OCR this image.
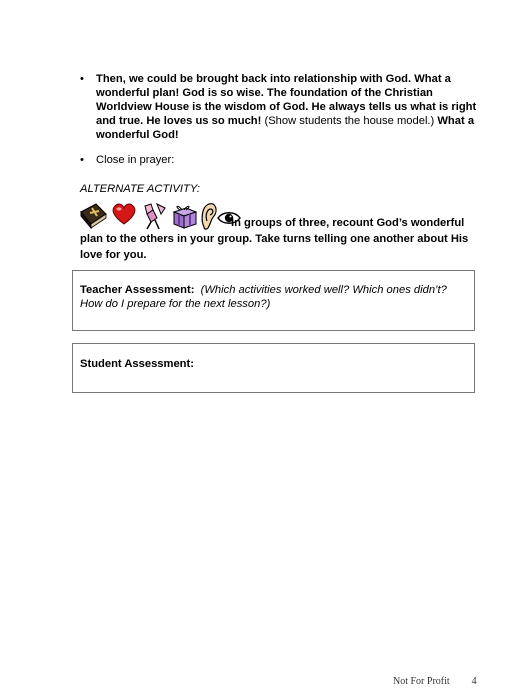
• Then, we could be brought back into relationship with God. What a wonderful plan! God is so wise. The foundation of the Christian Worldview House is the wisdom of God. He always tells us what is right and true. He loves us so much! (Show students the house model.) What a wonderful God!
• Close in prayer:
ALTERNATE ACTIVITY:
In groups of three, recount God’s wonderful plan to the others in your group. Take turns telling one another about His love for you.
Teacher Assessment: (Which activities worked well? Which ones didn’t? How do I prepare for the next lesson?)
Student Assessment:
Not For Profit 4
